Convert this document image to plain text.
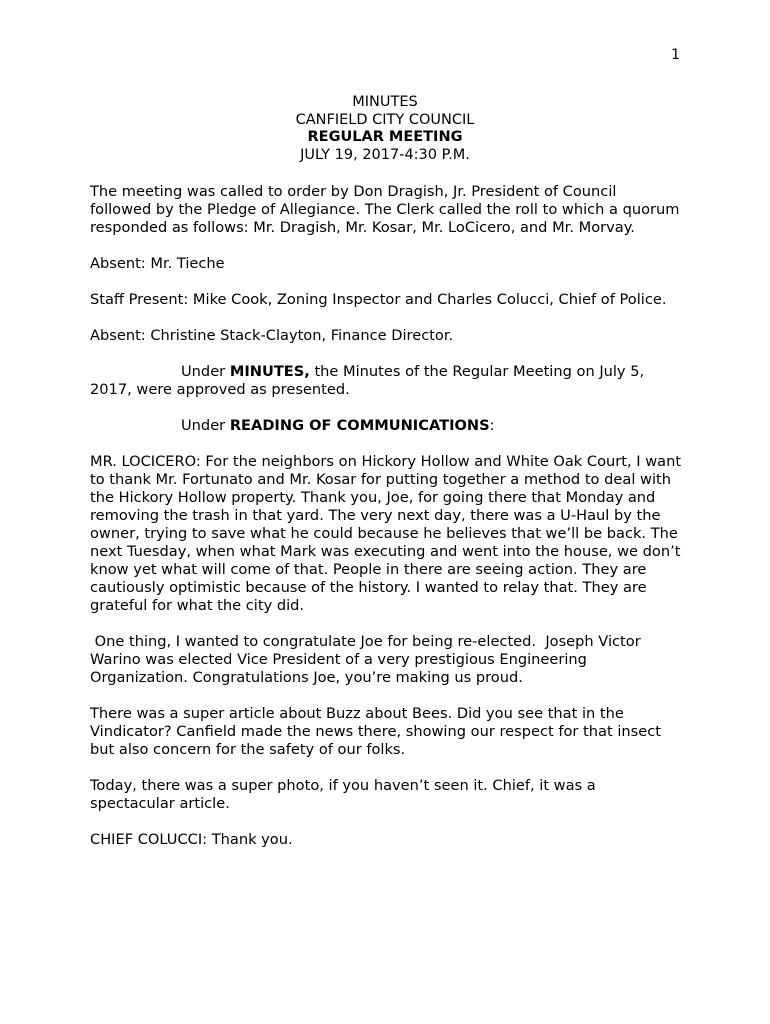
1
MINUTES
CANFIELD CITY COUNCIL
REGULAR MEETING
JULY 19, 2017-4:30 P.M.

The meeting was called to order by Don Dragish, Jr. President of Council followed by the Pledge of Allegiance. The Clerk called the roll to which a quorum responded as follows: Mr. Dragish, Mr. Kosar, Mr. LoCicero, and Mr. Morvay.

Absent: Mr. Tieche

Staff Present: Mike Cook, Zoning Inspector and Charles Colucci, Chief of Police.

Absent: Christine Stack-Clayton, Finance Director.

Under MINUTES, the Minutes of the Regular Meeting on July 5, 2017, were approved as presented.

Under READING OF COMMUNICATIONS:

MR. LOCICERO: For the neighbors on Hickory Hollow and White Oak Court, I want to thank Mr. Fortunato and Mr. Kosar for putting together a method to deal with the Hickory Hollow property. Thank you, Joe, for going there that Monday and removing the trash in that yard. The very next day, there was a U-Haul by the owner, trying to save what he could because he believes that we’ll be back. The next Tuesday, when what Mark was executing and went into the house, we don’t know yet what will come of that. People in there are seeing action. They are cautiously optimistic because of the history. I wanted to relay that. They are grateful for what the city did.

One thing, I wanted to congratulate Joe for being re-elected.  Joseph Victor Warino was elected Vice President of a very prestigious Engineering Organization. Congratulations Joe, you’re making us proud.

There was a super article about Buzz about Bees. Did you see that in the Vindicator? Canfield made the news there, showing our respect for that insect but also concern for the safety of our folks.

Today, there was a super photo, if you haven’t seen it. Chief, it was a spectacular article.

CHIEF COLUCCI: Thank you.
